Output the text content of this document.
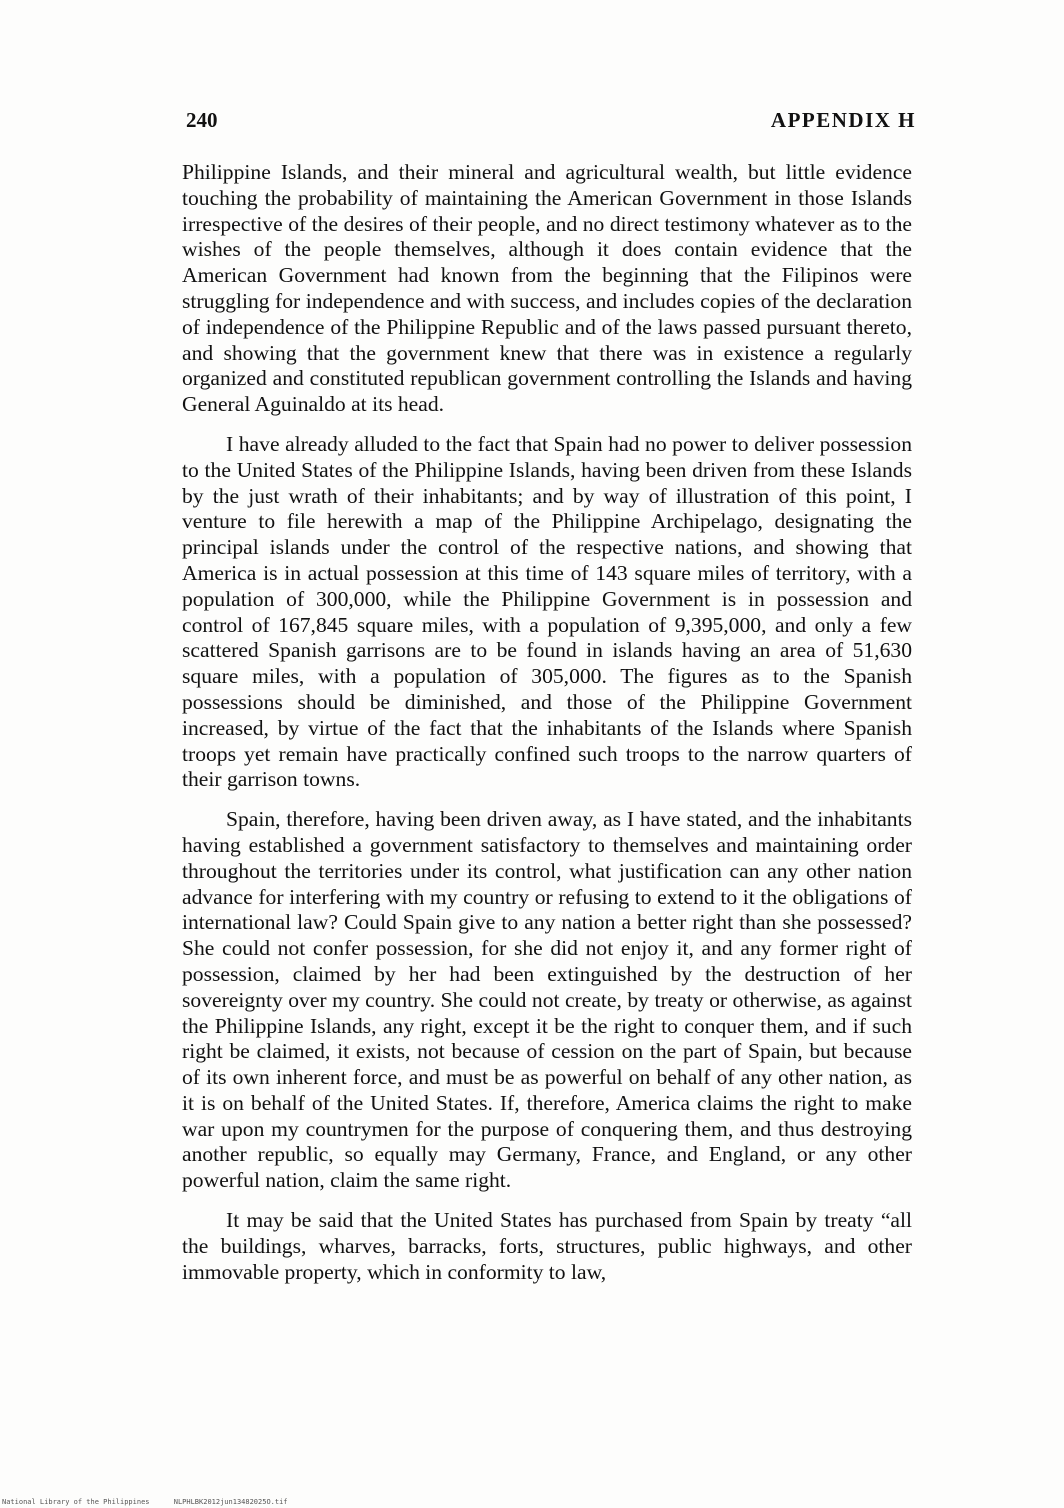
240	APPENDIX H

Philippine Islands, and their mineral and agricultural wealth, but little evidence touching the probability of maintaining the American Government in those Islands irrespective of the desires of their people, and no direct testimony whatever as to the wishes of the people themselves, although it does contain evidence that the American Government had known from the beginning that the Filipinos were struggling for independence and with success, and includes copies of the declaration of independence of the Philippine Republic and of the laws passed pursuant thereto, and showing that the government knew that there was in existence a regularly organized and constituted republican government controlling the Islands and having General Aguinaldo at its head.

I have already alluded to the fact that Spain had no power to deliver possession to the United States of the Philippine Islands, having been driven from these Islands by the just wrath of their inhabitants; and by way of illustration of this point, I venture to file herewith a map of the Philippine Archipelago, designating the principal islands under the control of the respective nations, and showing that America is in actual possession at this time of 143 square miles of territory, with a population of 300,000, while the Philippine Government is in possession and control of 167,845 square miles, with a population of 9,395,000, and only a few scattered Spanish garrisons are to be found in islands having an area of 51,630 square miles, with a population of 305,000. The figures as to the Spanish possessions should be diminished, and those of the Philippine Government increased, by virtue of the fact that the inhabitants of the Islands where Spanish troops yet remain have practically confined such troops to the narrow quarters of their garrison towns.

Spain, therefore, having been driven away, as I have stated, and the inhabitants having established a government satisfactory to themselves and maintaining order throughout the territories under its control, what justification can any other nation advance for interfering with my country or refusing to extend to it the obligations of international law? Could Spain give to any nation a better right than she possessed? She could not confer possession, for she did not enjoy it, and any former right of possession, claimed by her had been extinguished by the destruction of her sovereignty over my country. She could not create, by treaty or otherwise, as against the Philippine Islands, any right, except it be the right to conquer them, and if such right be claimed, it exists, not because of cession on the part of Spain, but because of its own inherent force, and must be as powerful on behalf of any other nation, as it is on behalf of the United States. If, therefore, America claims the right to make war upon my countrymen for the purpose of conquering them, and thus destroying another republic, so equally may Germany, France, and England, or any other powerful nation, claim the same right.

It may be said that the United States has purchased from Spain by treaty “all the buildings, wharves, barracks, forts, structures, public highways, and other immovable property, which in conformity to law,

National Library of the Philippines	NLPHLBK2012jun13482025O.tif
